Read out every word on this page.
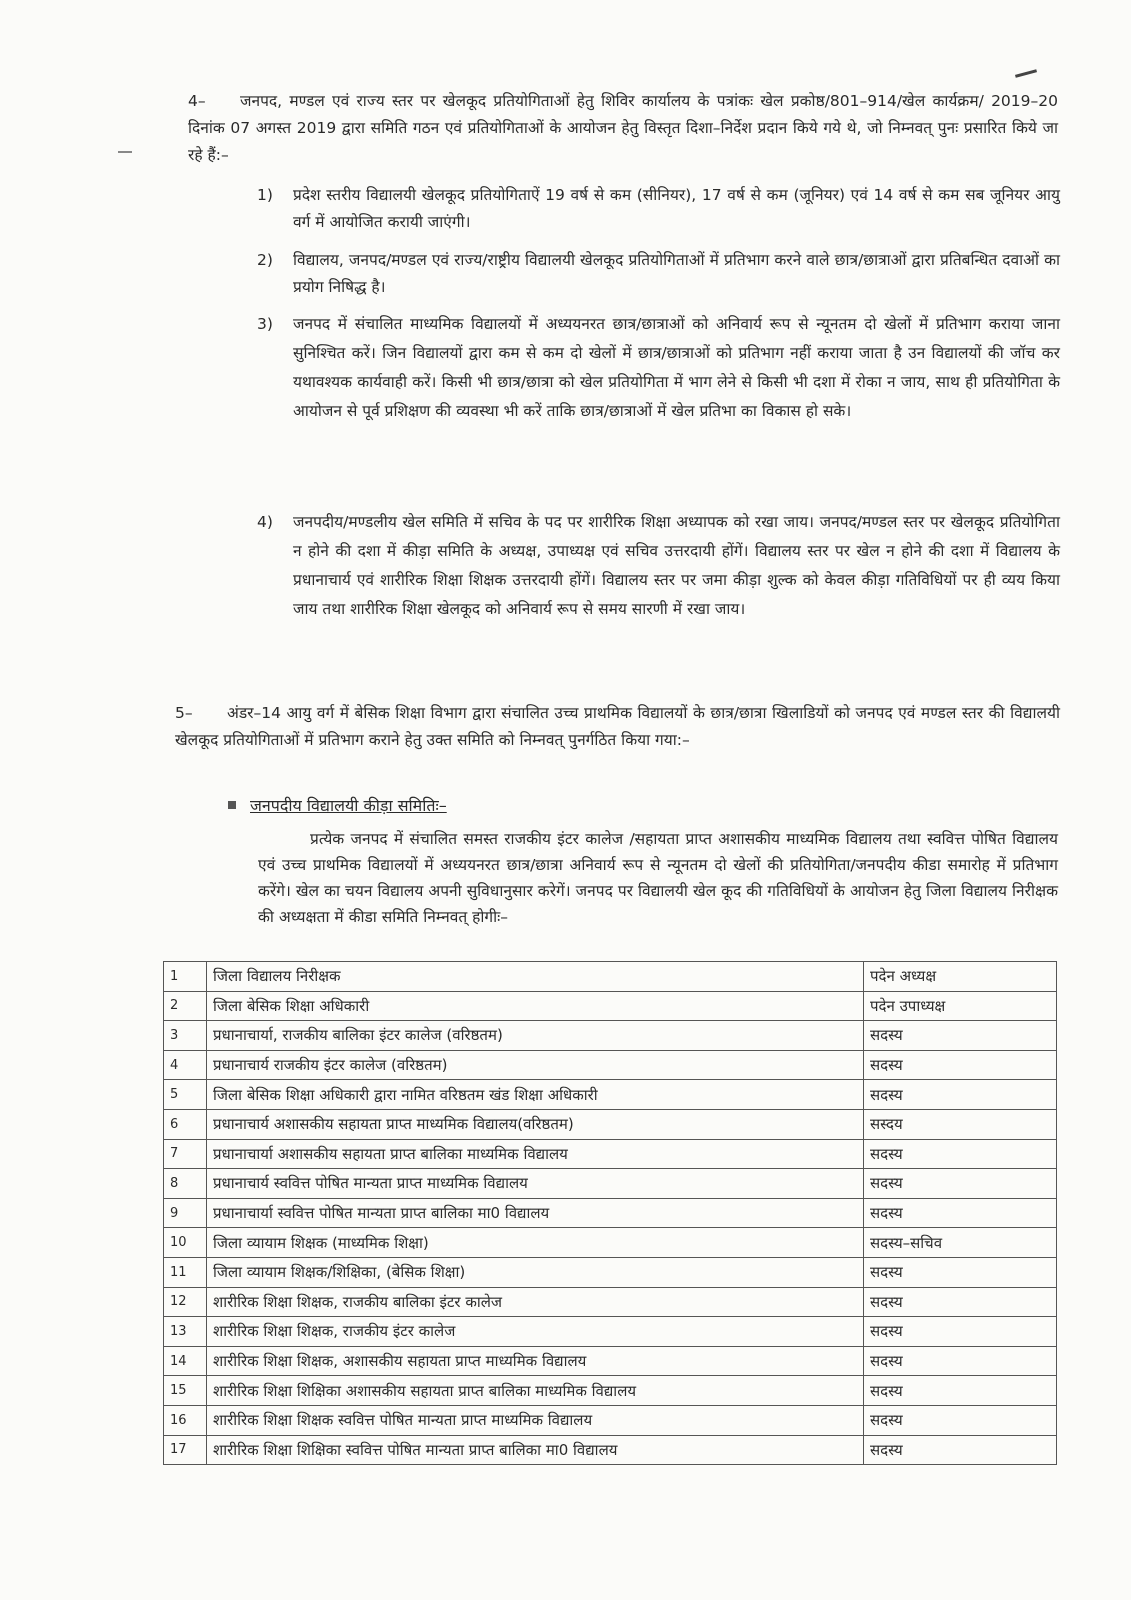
4– जनपद, मण्डल एवं राज्य स्तर पर खेलकूद प्रतियोगिताओं हेतु शिविर कार्यालय के पत्रांकः खेल प्रकोष्ठ/801–914/खेल कार्यक्रम/ 2019–20 दिनांक 07 अगस्त 2019 द्वारा समिति गठन एवं प्रतियोगिताओं के आयोजन हेतु विस्तृत दिशा–निर्देश प्रदान किये गये थे, जो निम्नवत् पुनः प्रसारित किये जा रहे हैं:–
1) प्रदेश स्तरीय विद्यालयी खेलकूद प्रतियोगिताऐं 19 वर्ष से कम (सीनियर), 17 वर्ष से कम (जूनियर) एवं 14 वर्ष से कम सब जूनियर आयु वर्ग में आयोजित करायी जाएंगी।
2) विद्यालय, जनपद/मण्डल एवं राज्य/राष्ट्रीय विद्यालयी खेलकूद प्रतियोगिताओं में प्रतिभाग करने वाले छात्र/छात्राओं द्वारा प्रतिबन्धित दवाओं का प्रयोग निषिद्ध है।
3) जनपद में संचालित माध्यमिक विद्यालयों में अध्ययनरत छात्र/छात्राओं को अनिवार्य रूप से न्यूनतम दो खेलों में प्रतिभाग कराया जाना सुनिश्चित करें। जिन विद्यालयों द्वारा कम से कम दो खेलों में छात्र/छात्राओं को प्रतिभाग नहीं कराया जाता है उन विद्यालयों की जॉच कर यथावश्यक कार्यवाही करें। किसी भी छात्र/छात्रा को खेल प्रतियोगिता में भाग लेने से किसी भी दशा में रोका न जाय, साथ ही प्रतियोगिता के आयोजन से पूर्व प्रशिक्षण की व्यवस्था भी करें ताकि छात्र/छात्राओं में खेल प्रतिभा का विकास हो सके।
4) जनपदीय/मण्डलीय खेल समिति में सचिव के पद पर शारीरिक शिक्षा अध्यापक को रखा जाय। जनपद/मण्डल स्तर पर खेलकूद प्रतियोगिता न होने की दशा में कीड़ा समिति के अध्यक्ष, उपाध्यक्ष एवं सचिव उत्तरदायी होंगें। विद्यालय स्तर पर खेल न होने की दशा में विद्यालय के प्रधानाचार्य एवं शारीरिक शिक्षा शिक्षक उत्तरदायी होंगें। विद्यालय स्तर पर जमा कीड़ा शुल्क को केवल कीड़ा गतिविधियों पर ही व्यय किया जाय तथा शारीरिक शिक्षा खेलकूद को अनिवार्य रूप से समय सारणी में रखा जाय।
5– अंडर–14 आयु वर्ग में बेसिक शिक्षा विभाग द्वारा संचालित उच्च प्राथमिक विद्यालयों के छात्र/छात्रा खिलाडियों को जनपद एवं मण्डल स्तर की विद्यालयी खेलकूद प्रतियोगिताओं में प्रतिभाग कराने हेतु उक्त समिति को निम्नवत् पुनर्गठित किया गया:–
जनपदीय विद्यालयी कीड़ा समितिः–
प्रत्येक जनपद में संचालित समस्त राजकीय इंटर कालेज /सहायता प्राप्त अशासकीय माध्यमिक विद्यालय तथा स्ववित्त पोषित विद्यालय एवं उच्च प्राथमिक विद्यालयों में अध्ययनरत छात्र/छात्रा अनिवार्य रूप से न्यूनतम दो खेलों की प्रतियोगिता/जनपदीय कीडा समारोह में प्रतिभाग करेंगे। खेल का चयन विद्यालय अपनी सुविधानुसार करेगें। जनपद पर विद्यालयी खेल कूद की गतिविधियों के आयोजन हेतु जिला विद्यालय निरीक्षक की अध्यक्षता में कीडा समिति निम्नवत् होगीः–
1	जिला विद्यालय निरीक्षक	पदेन अध्यक्ष
2	जिला बेसिक शिक्षा अधिकारी	पदेन उपाध्यक्ष
3	प्रधानाचार्या, राजकीय बालिका इंटर कालेज (वरिष्ठतम)	सदस्य
4	प्रधानाचार्य राजकीय इंटर कालेज (वरिष्ठतम)	सदस्य
5	जिला बेसिक शिक्षा अधिकारी द्वारा नामित वरिष्ठतम खंड शिक्षा अधिकारी	सदस्य
6	प्रधानाचार्य अशासकीय सहायता प्राप्त माध्यमिक विद्यालय(वरिष्ठतम)	सस्दय
7	प्रधानाचार्या अशासकीय सहायता प्राप्त बालिका माध्यमिक विद्यालय	सदस्य
8	प्रधानाचार्य स्ववित्त पोषित मान्यता प्राप्त माध्यमिक विद्यालय	सदस्य
9	प्रधानाचार्या स्ववित्त पोषित मान्यता प्राप्त बालिका मा0 विद्यालय	सदस्य
10	जिला व्यायाम शिक्षक (माध्यमिक शिक्षा)	सदस्य–सचिव
11	जिला व्यायाम शिक्षक/शिक्षिका, (बेसिक शिक्षा)	सदस्य
12	शारीरिक शिक्षा शिक्षक, राजकीय बालिका इंटर कालेज	सदस्य
13	शारीरिक शिक्षा शिक्षक, राजकीय इंटर कालेज	सदस्य
14	शारीरिक शिक्षा शिक्षक, अशासकीय सहायता प्राप्त माध्यमिक विद्यालय	सदस्य
15	शारीरिक शिक्षा शिक्षिका अशासकीय सहायता प्राप्त बालिका माध्यमिक विद्यालय	सदस्य
16	शारीरिक शिक्षा शिक्षक स्ववित्त पोषित मान्यता प्राप्त माध्यमिक विद्यालय	सदस्य
17	शारीरिक शिक्षा शिक्षिका स्ववित्त पोषित मान्यता प्राप्त बालिका मा0 विद्यालय	सदस्य
